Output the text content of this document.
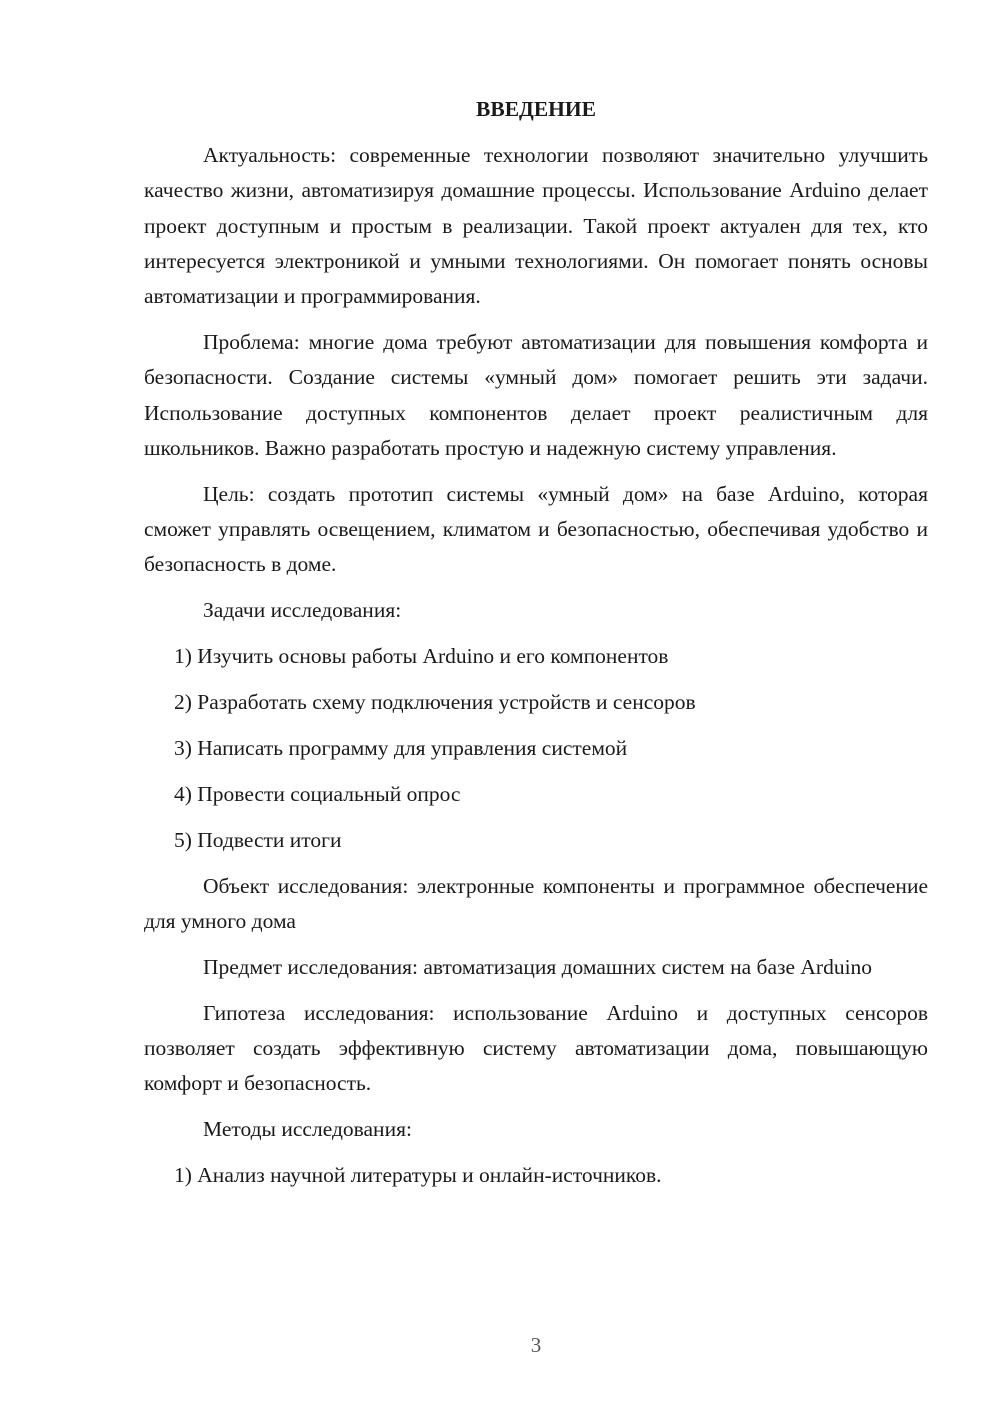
ВВЕДЕНИЕ
Актуальность: современные технологии позволяют значительно улучшить качество жизни, автоматизируя домашние процессы. Использование Arduino делает проект доступным и простым в реализации. Такой проект актуален для тех, кто интересуется электроникой и умными технологиями. Он помогает понять основы автоматизации и программирования.
Проблема: многие дома требуют автоматизации для повышения комфорта и безопасности. Создание системы «умный дом» помогает решить эти задачи. Использование доступных компонентов делает проект реалистичным для школьников. Важно разработать простую и надежную систему управления.
Цель: создать прототип системы «умный дом» на базе Arduino, которая сможет управлять освещением, климатом и безопасностью, обеспечивая удобство и безопасность в доме.
Задачи исследования:
1) Изучить основы работы Arduino и его компонентов
2) Разработать схему подключения устройств и сенсоров
3) Написать программу для управления системой
4) Провести социальный опрос
5) Подвести итоги
Объект исследования: электронные компоненты и программное обеспечение для умного дома
Предмет исследования: автоматизация домашних систем на базе Arduino
Гипотеза исследования: использование Arduino и доступных сенсоров позволяет создать эффективную систему автоматизации дома, повышающую комфорт и безопасность.
Методы исследования:
1) Анализ научной литературы и онлайн-источников.
3
